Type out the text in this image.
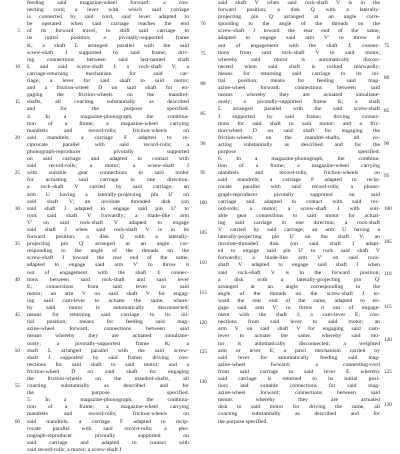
5
10
15
20
25
30
35
40
45
50
55
60
feeding said magazine-wheel forward; a con-
necting cord; a lever with which said carriage
is connected by said cord, said lever adapted to
be operated when said carriage reaches the end
of its forward travel, to shift said carriage to
its initial position; a pivotally-supported frame
K; a shaft L arranged parallel with the said
screw-shaft J supported by said frame; driv-
ing connections between said last-named shaft
L and said screw-shaft J; a rock-shaft V; a
carriage-returning mechanism for said car-
riage; a lever for said shaft to said motor;
and a friction-wheel D on said shaft for en-
gaging the friction-wheels on the mandrel-
shafts, all coacting substantially as described
and for the purpose specified.
4. In a magazine-phonograph, the combina-
tion of a frame; a magazine-wheel carrying
mandrels and record-rolls; friction-wheels on
said mandrels; a carriage F adapted to re-
ciprocate parallel with said record-rolls; a
phonograph-reproducer pivotally supported
on said carriage and adapted to contact with
said record-rolls; a motor; a screw-shaft J
with suitable gear connections to said motor
for actuating said carriage in one direction;
a rock-shaft V carried by said carriage; an
arm U having a laterally-projecting pin U' on
said shaft V; an involute threaded disk (on
said shaft J adapted to engage said pin U' to
rock said shaft V forwardly; a blade-like arm
V' on said rock-shaft V adapted to engage
said shaft J when said rock-shaft V is in its
forward position; a disk Q with a laterally-
projecting pin Q' arranged at an angle cor-
responding to the angle of the threads on the
screw-shaft J toward the rear end of the same,
adapted to engage said arm V' to throw it
out of engagement with the shaft J; connec-
tions between said rock-shaft and said lever
E; connections from said lever to said
motor; an arm V on said shaft V for engag-
ing said cam-lever to actuate the same, where-
by said motor is automatically disconnected;
means for returning said carriage to its ini-
tial position; means for feeding said mag-
azine-wheel forward; connections between said
means whereby they are actuated simultane-
ously; a pivotally-supported frame K; a
shaft L arranged parallel with the said screw-
shaft J supported by said frame; driving con-
nections for said shaft to said motor; and a
friction-wheel D on said shaft for engaging
the friction-wheels on the mandrel-shafts, all
coacting substantially as described and for
the purpose specified.
5. In a magazine-phonograph, the combina-
tion of a frame; a magazine-wheel carrying
mandrels and record-rolls; friction-wheels on
said mandrels; a carriage F adapted to recip-
rocate parallel with said record-rolls; a pho-
nograph-reproducer pivotally supported on
said carriage and adapted to contact with
said record-rolls; a motor; a screw-shaft J
70
75
80
85
90
95
100
105
110
115
120
125
130
said shaft V when said rock-shaft V is in the
forward position; a disk Q with a laterally-
projecting pin Q' arranged at an angle corre-
sponding to the angle of the threads on the
screw-shaft J toward the rear end of the same,
adapted to engage said arm V' to throw it
out of engagement with the shaft J; connec-
tions from said rock-shaft V to said motor,
whereby said motor is automatically discon-
nected when said shaft is rocked rearwardly;
means for returning said carriage to its ini-
tial position; means for feeding said mag-
azine-wheel forward; connections between said
means whereby they are actuated simultane-
ously; a pivotally-supported frame K; a shaft
L arranged parallel with the said screw-shaft
J supported by said frame; driving connec-
tions for said shaft to said motor; and a fric-
tion-wheel D on said shaft for engaging the
friction-wheels on the mandrel-shafts, all co-
acting substantially as described and for the
purpose specified.
6. In a magazine-phonograph, the combina-
tion of a frame; a magazine-wheel carrying
mandrels and record-rolls; friction-wheels on
said mandrels; a carriage F adapted to recip-
rocate parallel with said record-rolls; a phono-
graph-reproducer pivotally supported on said
carriage and adapted to contact with said rec-
ord-rolls; a motor; a screw-shaft J with suit-
able gear connections to said motor for actuat-
ing said carriage in one direction; a rock-shaft
V carried by said carriage; an arm U having a
laterally-projecting pin U' on the shaft V; an
involute-threaded disk (on said shaft J adapt-
ed to engage said pin U' to rock said shaft V
forwardly; a blade-like arm V' on said rock-
shaft V adapted to engage said shaft J when
said rock-shaft V is in the forward position;
a disk with a laterally-projecting pin Q'
arranged at an angle corresponding to the
angle of the threads on the screw-shaft J to-
ward the rear end of the same, adapted to en-
gage said arm V' to throw it out of engage-
ment with the shaft J; a cam-lever E; con-
nections from said lever to said motor; an
arm V on said shaft V for engaging said cam-
lever to actuate the same, whereby said mo-
tor is automatically disconnected; a weighted
arm or lever E; a pawl mechanism carried by
said lever for automatically feeding said mag-
azine-wheel forward; a connecting-cord
from said carriage to said lever E whereby
said carriage is returned to its initial posi-
tion; and suitable connections for said mag-
azine-wheel forward; connections between said
means whereby they are actuated
disk to said motor for driving the same, all
coacting substantially as described and for
the purpose specified.
75
80
85
90
95
100
105
110
115
120
125
130
